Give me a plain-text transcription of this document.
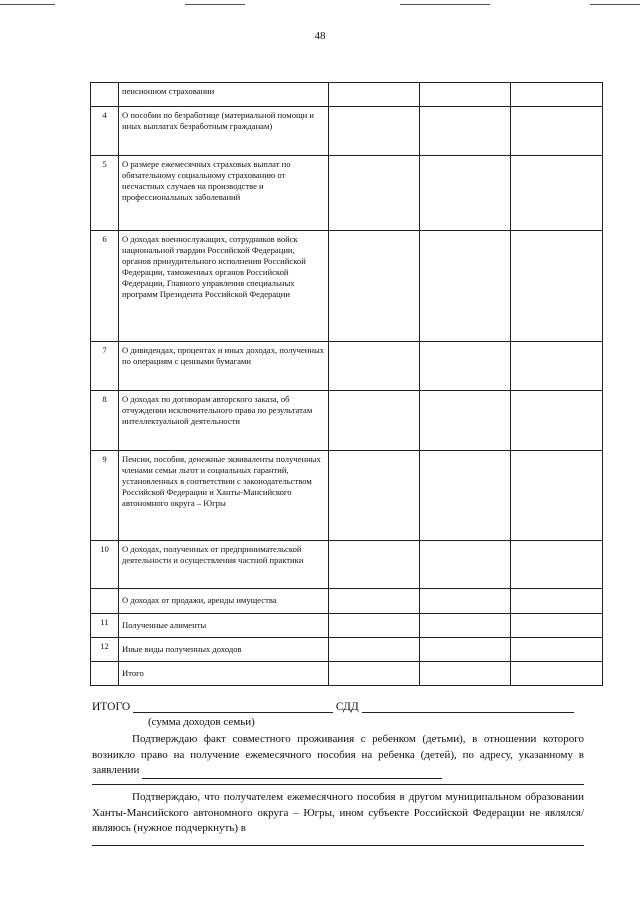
48
	пенсионном страховании			
4	О пособии по безработице (материальной помощи и иных выплатах безработным гражданам)			
5	О размере ежемесячных страховых выплат по обязательному социальному страхованию от несчастных случаев на производстве и профессиональных заболеваний			
6	О доходах военнослужащих, сотрудников войск национальной гвардии Российской Федерации, органов принудительного исполнения Российской Федерации, таможенных органов Российской Федерации, Главного управления специальных программ Президента Российской Федерации			
7	О дивидендах, процентах и иных доходах, полученных по операциям с ценными бумагами			
8	О доходах по договорам авторского заказа, об отчуждении исключительного права по результатам интеллектуальной деятельности			
9	Пенсии, пособия, денежные эквиваленты полученных членами семьи льгот и социальных гарантий, установленных в соответствии с законодательством Российской Федерации и Ханты-Мансийского автономного округа – Югры			
10	О доходах, полученных от предпринимательской деятельности и осуществления частной практики			
	О доходах от продажи, аренды имущества			
11	Полученные алименты			
12	Иные виды полученных доходов			
	Итого			
ИТОГО	СДД
(сумма доходов семьи)
Подтверждаю факт совместного проживания с ребенком (детьми), в отношении которого возникло право на получение ежемесячного пособия на ребенка (детей), по адресу, указанному в заявлении
Подтверждаю, что получателем ежемесячного пособия в другом муниципальном образовании Ханты-Мансийского автономного округа – Югры, ином субъекте Российской Федерации не являлся/являюсь (нужное подчеркнуть) в
